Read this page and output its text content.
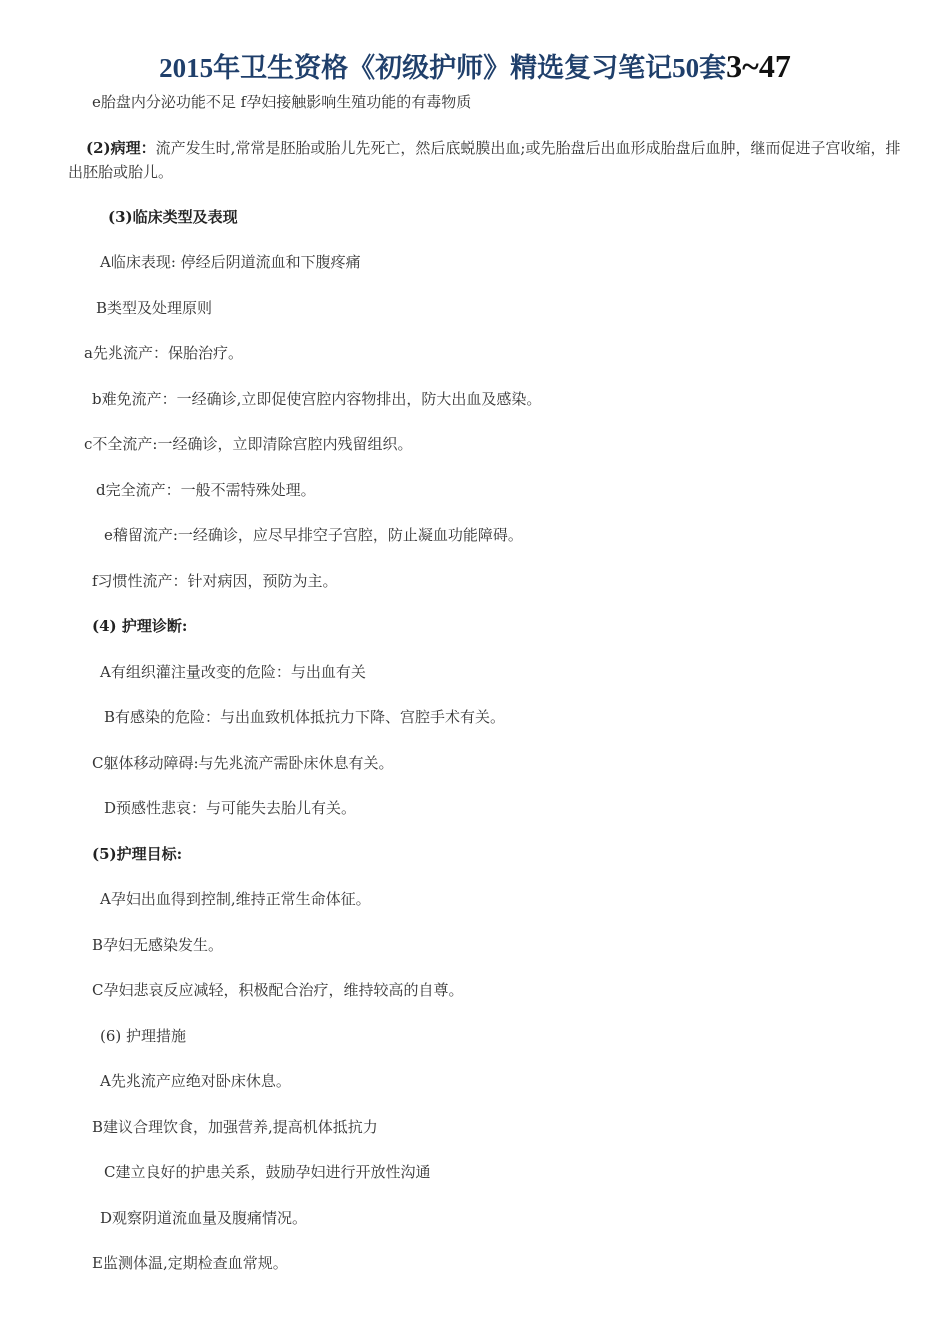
2015年卫生资格《初级护师》精选复习笔记50套3~47
e胎盘内分泌功能不足 f孕妇接触影响生殖功能的有毒物质
(2)病理：流产发生时,常常是胚胎或胎儿先死亡，然后底蜕膜出血;或先胎盘后出血形成胎盘后血肿，继而促进子宫收缩，排出胚胎或胎儿。
(3)临床类型及表现
A临床表现: 停经后阴道流血和下腹疼痛
B类型及处理原则
a先兆流产：保胎治疗。
b难免流产：一经确诊,立即促使宫腔内容物排出，防大出血及感染。
c不全流产:一经确诊，立即清除宫腔内残留组织。
d完全流产：一般不需特殊处理。
e稽留流产:一经确诊，应尽早排空子宫腔，防止凝血功能障碍。
f习惯性流产：针对病因，预防为主。
(4) 护理诊断:
A有组织灌注量改变的危险：与出血有关
B有感染的危险：与出血致机体抵抗力下降、宫腔手术有关。
C躯体移动障碍:与先兆流产需卧床休息有关。
D预感性悲哀：与可能失去胎儿有关。
(5)护理目标:
A孕妇出血得到控制,维持正常生命体征。
B孕妇无感染发生。
C孕妇悲哀反应减轻，积极配合治疗，维持较高的自尊。
(6) 护理措施
A先兆流产应绝对卧床休息。
B建议合理饮食，加强营养,提高机体抵抗力
C建立良好的护患关系，鼓励孕妇进行开放性沟通
D观察阴道流血量及腹痛情况。
E监测体温,定期检查血常规。
